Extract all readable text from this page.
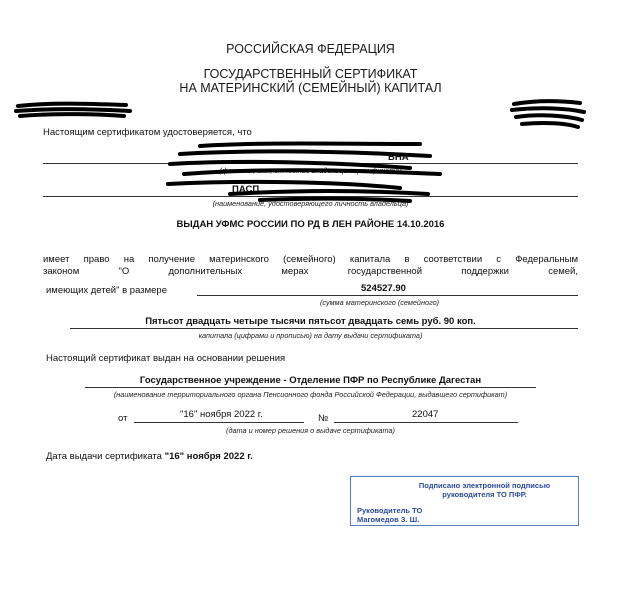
РОССИЙСКАЯ ФЕДЕРАЦИЯ
ГОСУДАРСТВЕННЫЙ СЕРТИФИКАТ
НА МАТЕРИНСКИЙ (СЕМЕЙНЫЙ) КАПИТАЛ
Настоящим сертификатом удостоверяется, что
ВНА
(фамилия, имя, отчество владельца сертификата)
ПАСП
(наименование, удостоверяющего личность владельца)
ВЫДАН УФМС РОССИИ ПО РД В ЛЕН РАЙОНЕ 14.10.2016
имеет право на получение материнского (семейного) капитала в соответствии с Федеральным
законом	"О	дополнительных	мерах	государственной	поддержки	семей,
имеющих детей" в размере	524527.90
(сумма материнского (семейного)
Пятьсот двадцать четыре тысячи пятьсот двадцать семь руб. 90 коп.
капитала (цифрами и прописью) на дату выдачи сертификата)
Настоящий сертификат выдан на основании решения
Государственное учреждение - Отделение ПФР по Республике Дагестан
(наименование территориального органа Пенсионного фонда Российской Федерации, выдавшего сертификат)
от	"16" ноября 2022 г.	№	22047
(дата и номер решения о выдаче сертификата)
Дата выдачи сертификата "16" ноября 2022 г.
Подписано электронной подписью
руководителя ТО ПФР.
Руководитель ТО
Магомедов З. Ш.
